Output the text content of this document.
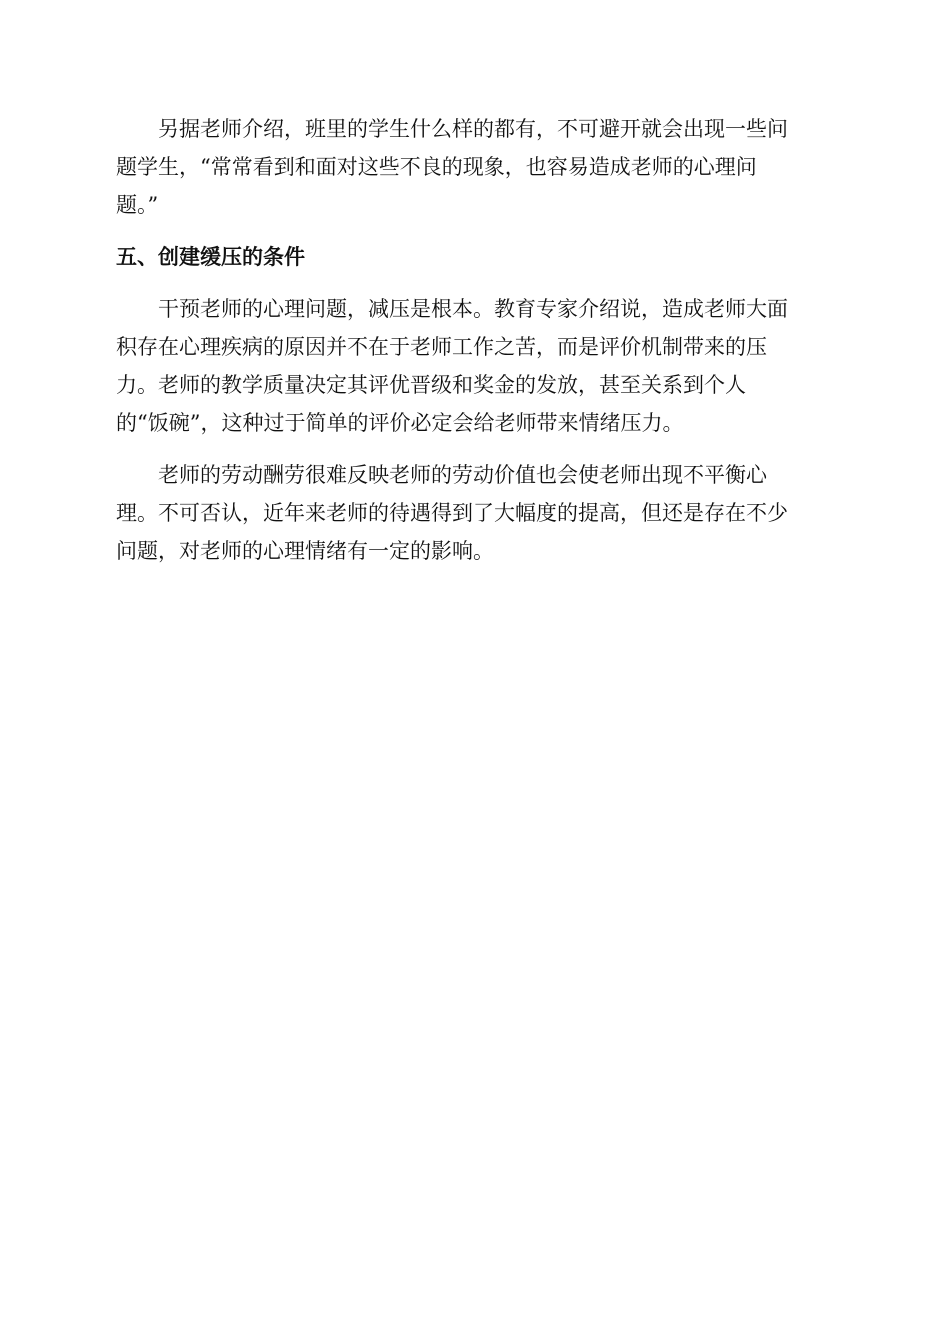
另据老师介绍，班里的学生什么样的都有，不可避开就会出现一些问
题学生，“常常看到和面对这些不良的现象，也容易造成老师的心理问
题。”

五、创建缓压的条件

干预老师的心理问题，减压是根本。教育专家介绍说，造成老师大面
积存在心理疾病的原因并不在于老师工作之苦，而是评价机制带来的压
力。老师的教学质量决定其评优晋级和奖金的发放，甚至关系到个人
的“饭碗”，这种过于简单的评价必定会给老师带来情绪压力。

老师的劳动酬劳很难反映老师的劳动价值也会使老师出现不平衡心
理。不可否认，近年来老师的待遇得到了大幅度的提高，但还是存在不少
问题，对老师的心理情绪有一定的影响。
